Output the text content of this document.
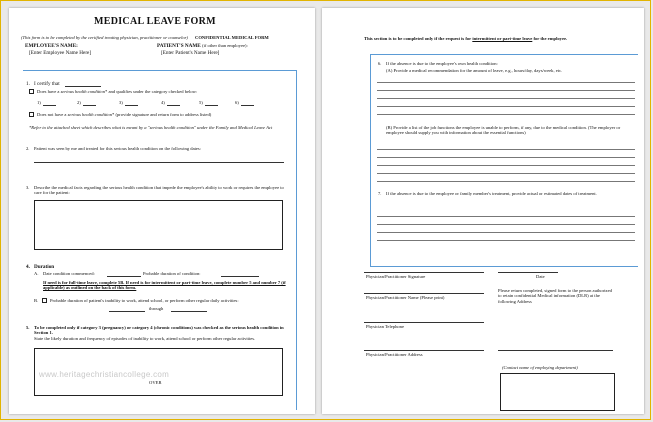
MEDICAL LEAVE FORM
(This form is to be completed by the certified treating physician, practitioner or counselor)	CONFIDENTIAL MEDICAL FORM
EMPLOYEE'S NAME:	PATIENT'S NAME (if other than employee):
[Enter Employee Name Here]	[Enter Patient's Name Here]
1. I certify that
Does have a serious health condition* and qualifies under the category checked below:
1)	2)	3)	4)	5)	6)
Does not have a serious health condition* (provide signature and return form to address listed)
*Refer to the attached sheet which describes what is meant by a "serious health condition" under the Family and Medical Leave Act
2. Patient was seen by me and treated for this serious health condition on the following dates:
3. Describe the medical facts regarding the serious health condition that impede the employee's ability to work or requires the employee to care for the patient:
4. Duration
A. Date condition commenced:	Probable duration of condition:
If need is for full-time leave, complete 5B. If need is for intermittent or part-time leave, complete number 5 and number 7 (if applicable) as outlined on the back of this form.
B.	Probable duration of patient's inability to work, attend school, or perform other regular daily activities:
through
5. To be completed only if category 3 (pregnancy) or category 4 (chronic conditions) was checked as the serious health condition in Section 1.
State the likely duration and frequency of episodes of inability to work, attend school or perform other regular activities.
www.heritagechristiancollege.com
OVER
This section is to be completed only if the request is for intermittent or part-time leave for the employee.
6. If the absence is due to the employee's own health condition:
(A) Provide a medical recommendation for the amount of leave, e.g., hours/day, days/week, etc.
(B) Provide a list of the job functions the employee is unable to perform, if any, due to the medical condition. (The employer or employee should supply you with information about the essential functions)
7. If the absence is due to the employee or family member's treatment, provide actual or estimated dates of treatment.
Physician/Practitioner Signature	Date
Physician/Practitioner Name (Please print)
Please return completed, signed form to the person authorized to retain confidential Medical information (DLR) at the following Address
Physician Telephone
Physician/Practitioner Address
(Contact name of employing department)
